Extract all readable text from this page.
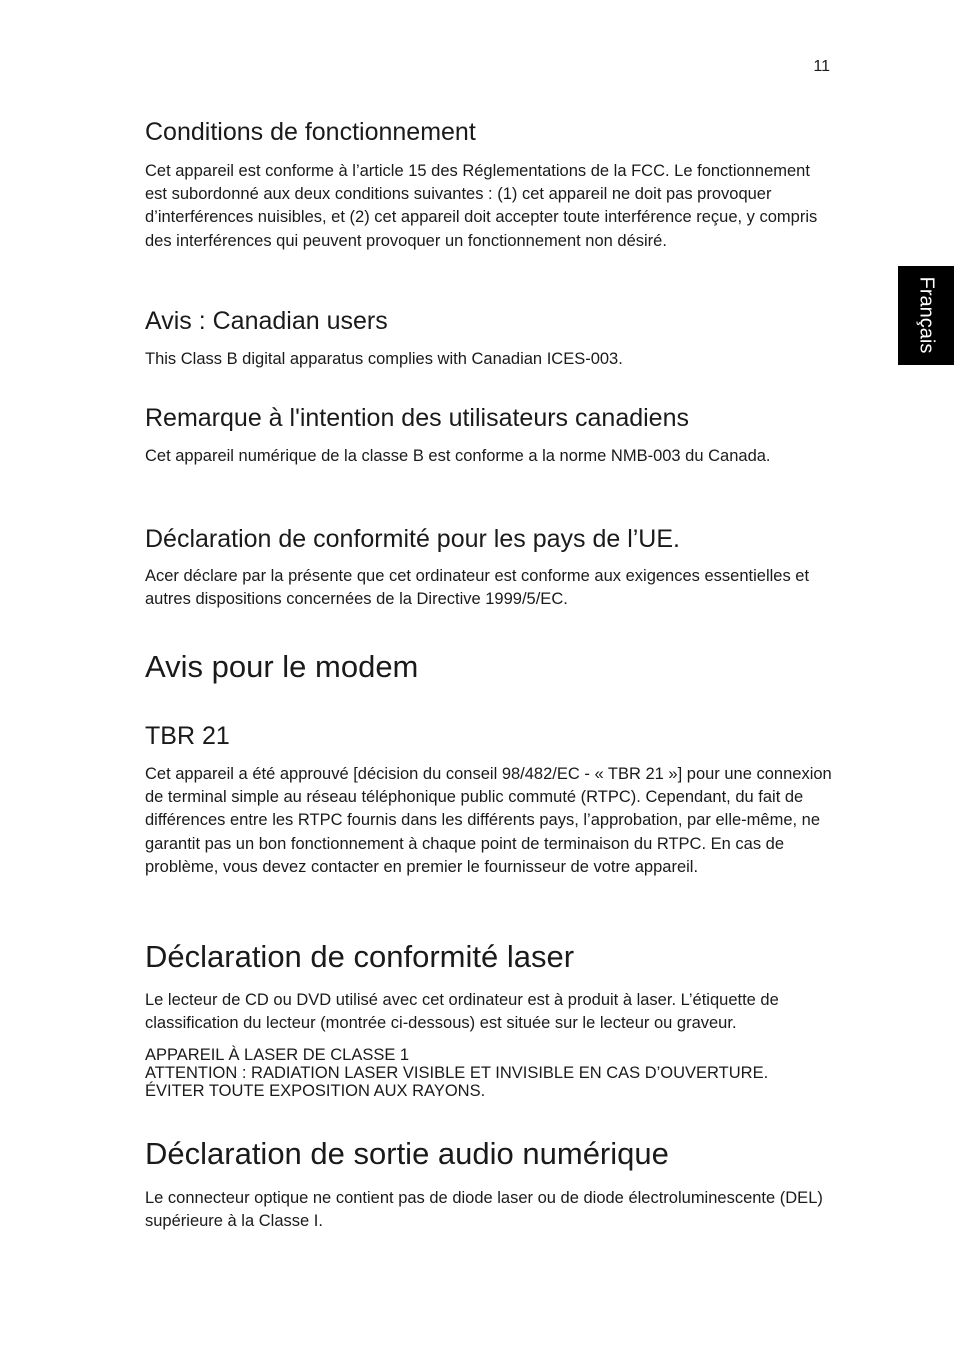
11
Français
Conditions de fonctionnement

Cet appareil est conforme à l’article 15 des Réglementations de la FCC. Le fonctionnement est subordonné aux deux conditions suivantes : (1) cet appareil ne doit pas provoquer d’interférences nuisibles, et (2) cet appareil doit accepter toute interférence reçue, y compris des interférences qui peuvent provoquer un fonctionnement non désiré.

Avis : Canadian users

This Class B digital apparatus complies with Canadian ICES-003.

Remarque à l'intention des utilisateurs canadiens

Cet appareil numérique de la classe B est conforme a la norme NMB-003 du Canada.

Déclaration de conformité pour les pays de l’UE.

Acer déclare par la présente que cet ordinateur est conforme aux exigences essentielles et autres dispositions concernées de la Directive 1999/5/EC.

Avis pour le modem
TBR 21

Cet appareil a été approuvé [décision du conseil 98/482/EC - « TBR 21 »] pour une connexion de terminal simple au réseau téléphonique public commuté (RTPC). Cependant, du fait de différences entre les RTPC fournis dans les différents pays, l’approbation, par elle-même, ne garantit pas un bon fonctionnement à chaque point de terminaison du RTPC. En cas de problème, vous devez contacter en premier le fournisseur de votre appareil.

Déclaration de conformité laser

Le lecteur de CD ou DVD utilisé avec cet ordinateur est à produit à laser. L’étiquette de classification du lecteur (montrée ci-dessous) est située sur le lecteur ou graveur.

APPAREIL À LASER DE CLASSE 1

ATTENTION : RADIATION LASER VISIBLE ET INVISIBLE EN CAS D’OUVERTURE.

ÉVITER TOUTE EXPOSITION AUX RAYONS.

Déclaration de sortie audio numérique

Le connecteur optique ne contient pas de diode laser ou de diode électroluminescente (DEL) supérieure à la Classe I.
